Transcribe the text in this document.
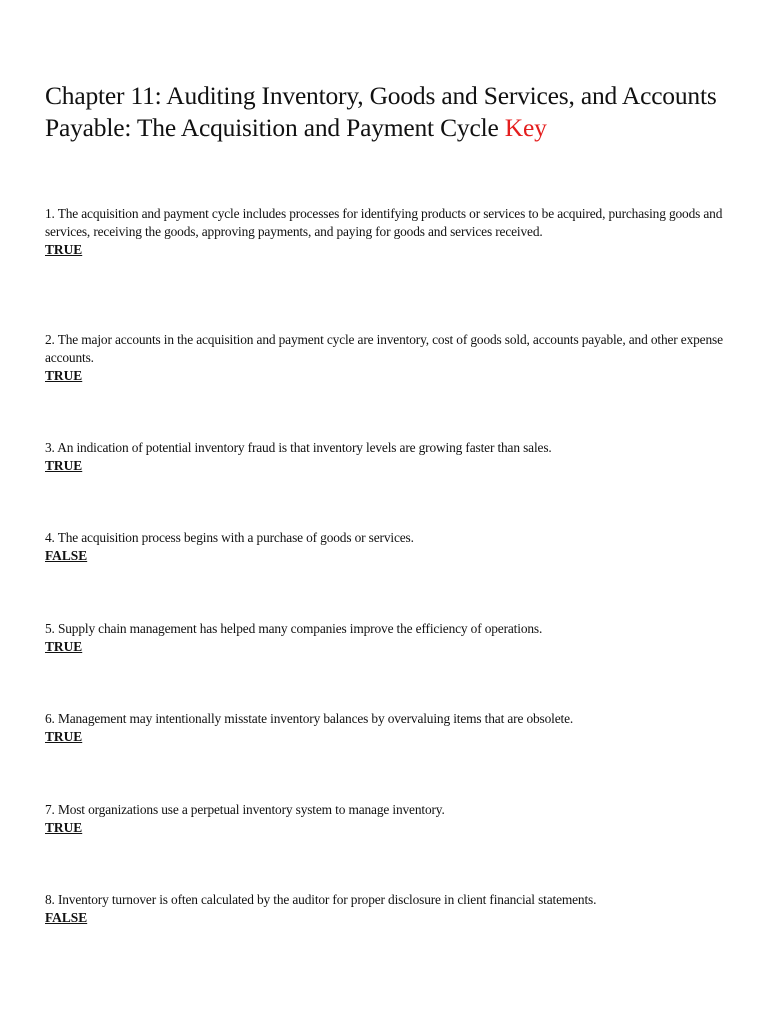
Chapter 11: Auditing Inventory, Goods and Services, and Accounts Payable: The Acquisition and Payment Cycle Key

1. The acquisition and payment cycle includes processes for identifying products or services to be acquired, purchasing goods and services, receiving the goods, approving payments, and paying for goods and services received.

TRUE

2. The major accounts in the acquisition and payment cycle are inventory, cost of goods sold, accounts payable, and other expense accounts.

TRUE

3. An indication of potential inventory fraud is that inventory levels are growing faster than sales.

TRUE

4. The acquisition process begins with a purchase of goods or services.

FALSE

5. Supply chain management has helped many companies improve the efficiency of operations.

TRUE

6. Management may intentionally misstate inventory balances by overvaluing items that are obsolete.

TRUE

7. Most organizations use a perpetual inventory system to manage inventory.

TRUE

8. Inventory turnover is often calculated by the auditor for proper disclosure in client financial statements.

FALSE
